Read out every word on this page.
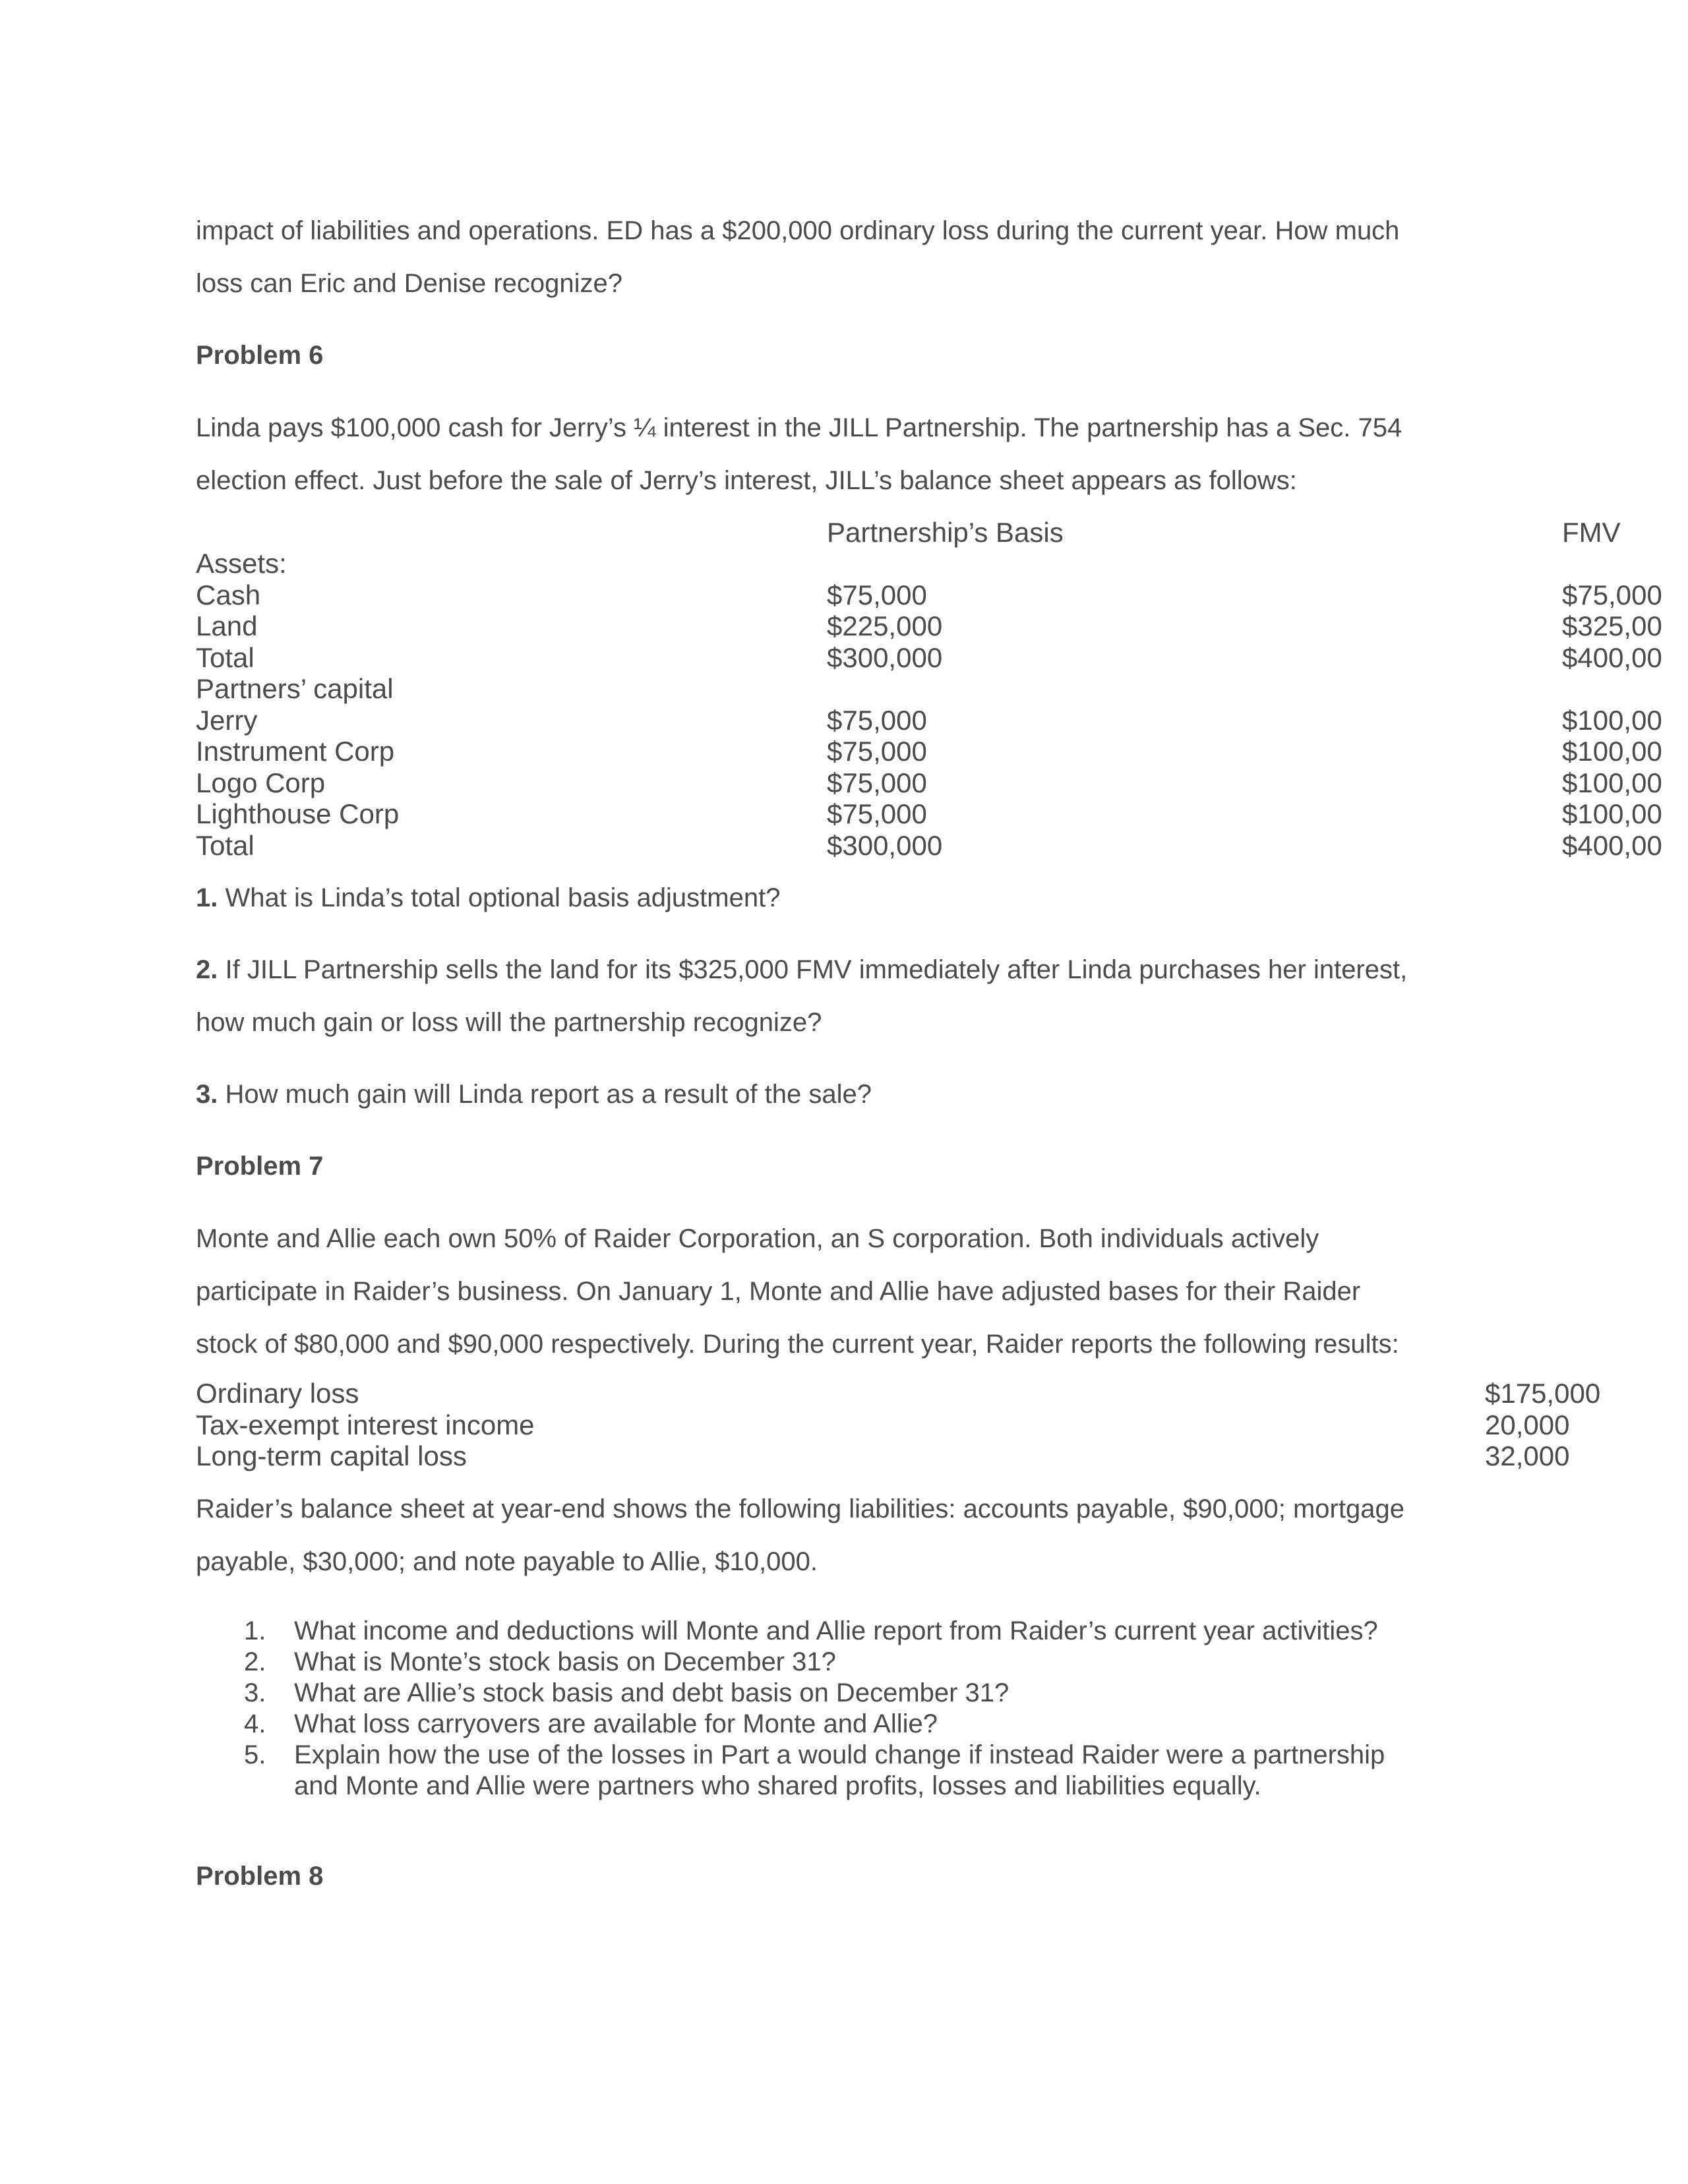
impact of liabilities and operations. ED has a $200,000 ordinary loss during the current year. How much
loss can Eric and Denise recognize?
Problem 6
Linda pays $100,000 cash for Jerry’s ¼ interest in the JILL Partnership. The partnership has a Sec. 754
election effect. Just before the sale of Jerry’s interest, JILL’s balance sheet appears as follows:
Partnership’s Basis	FMV
Assets:
Cash	$75,000	$75,000
Land	$225,000	$325,00
Total	$300,000	$400,00
Partners’ capital
Jerry	$75,000	$100,00
Instrument Corp	$75,000	$100,00
Logo Corp	$75,000	$100,00
Lighthouse Corp	$75,000	$100,00
Total	$300,000	$400,00
1. What is Linda’s total optional basis adjustment?
2. If JILL Partnership sells the land for its $325,000 FMV immediately after Linda purchases her interest,
how much gain or loss will the partnership recognize?
3. How much gain will Linda report as a result of the sale?
Problem 7
Monte and Allie each own 50% of Raider Corporation, an S corporation. Both individuals actively
participate in Raider’s business. On January 1, Monte and Allie have adjusted bases for their Raider
stock of $80,000 and $90,000 respectively. During the current year, Raider reports the following results:
Ordinary loss	$175,000
Tax-exempt interest income	20,000
Long-term capital loss	32,000
Raider’s balance sheet at year-end shows the following liabilities: accounts payable, $90,000; mortgage
payable, $30,000; and note payable to Allie, $10,000.
1. What income and deductions will Monte and Allie report from Raider’s current year activities?
2. What is Monte’s stock basis on December 31?
3. What are Allie’s stock basis and debt basis on December 31?
4. What loss carryovers are available for Monte and Allie?
5. Explain how the use of the losses in Part a would change if instead Raider were a partnership
and Monte and Allie were partners who shared profits, losses and liabilities equally.
Problem 8
